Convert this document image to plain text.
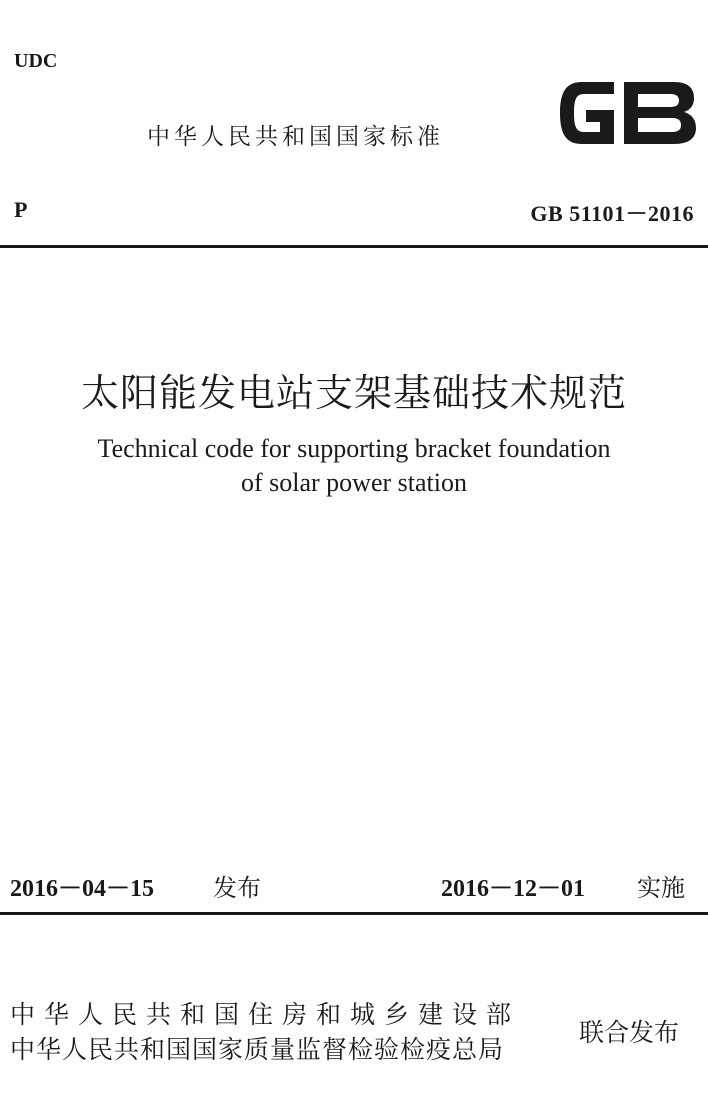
UDC
中华人民共和国国家标准
P	GB 51101－2016
太阳能发电站支架基础技术规范
Technical code for supporting bracket foundation
of solar power station
2016－04－15 发布	2016－12－01 实施
中华人民共和国住房和城乡建设部
中华人民共和国国家质量监督检验检疫总局
联合发布
